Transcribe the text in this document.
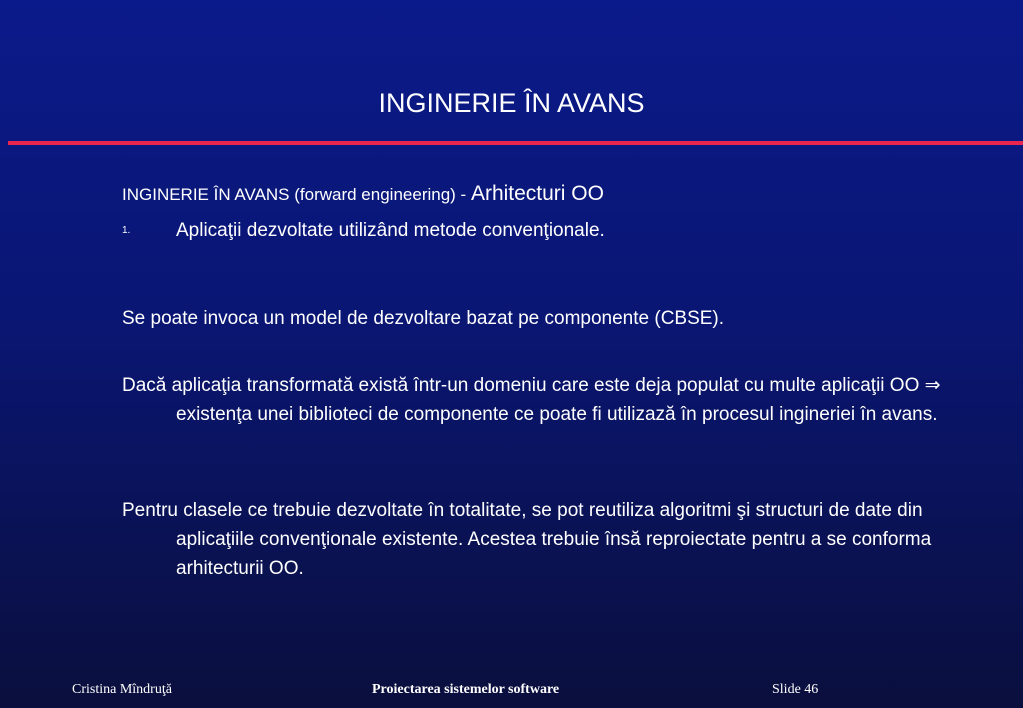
INGINERIE ÎN AVANS
INGINERIE ÎN AVANS (forward engineering) - Arhitecturi OO
1. Aplicaţii dezvoltate utilizând metode convenţionale.
Se poate invoca un model de dezvoltare bazat pe componente (CBSE).
Dacă aplicaţia transformată există într-un domeniu care este deja populat cu multe aplicaţii OO ⇒ existenţa unei biblioteci de componente ce poate fi utilizază în procesul ingineriei în avans.
Pentru clasele ce trebuie dezvoltate în totalitate, se pot reutiliza algoritmi şi structuri de date din aplicaţiile convenţionale existente. Acestea trebuie însă reproiectate pentru a se conforma arhitecturii OO.
Cristina Mîndruţă	Proiectarea sistemelor software	Slide 46
